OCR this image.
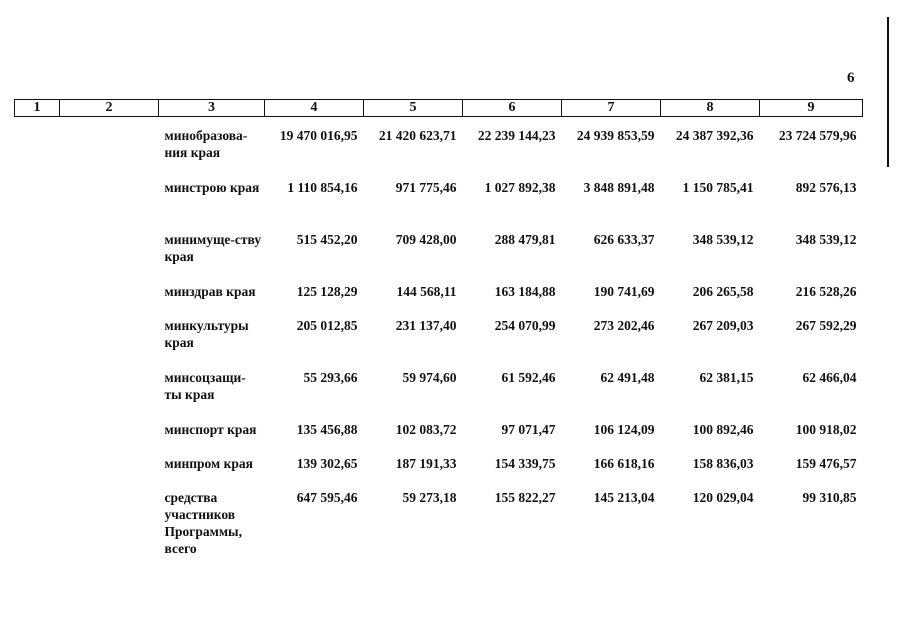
6
1	2	3	4	5	6	7	8	9
		минобразова-ния края	19 470 016,95	21 420 623,71	22 239 144,23	24 939 853,59	24 387 392,36	23 724 579,96
		минстрою края	1 110 854,16	971 775,46	1 027 892,38	3 848 891,48	1 150 785,41	892 576,13
		минимуще-ству края	515 452,20	709 428,00	288 479,81	626 633,37	348 539,12	348 539,12
		минздрав края	125 128,29	144 568,11	163 184,88	190 741,69	206 265,58	216 528,26
		минкультуры края	205 012,85	231 137,40	254 070,99	273 202,46	267 209,03	267 592,29
		минсоцзащи-ты края	55 293,66	59 974,60	61 592,46	62 491,48	62 381,15	62 466,04
		минспорт края	135 456,88	102 083,72	97 071,47	106 124,09	100 892,46	100 918,02
		минпром края	139 302,65	187 191,33	154 339,75	166 618,16	158 836,03	159 476,57
		средства участников Программы, всего	647 595,46	59 273,18	155 822,27	145 213,04	120 029,04	99 310,85
